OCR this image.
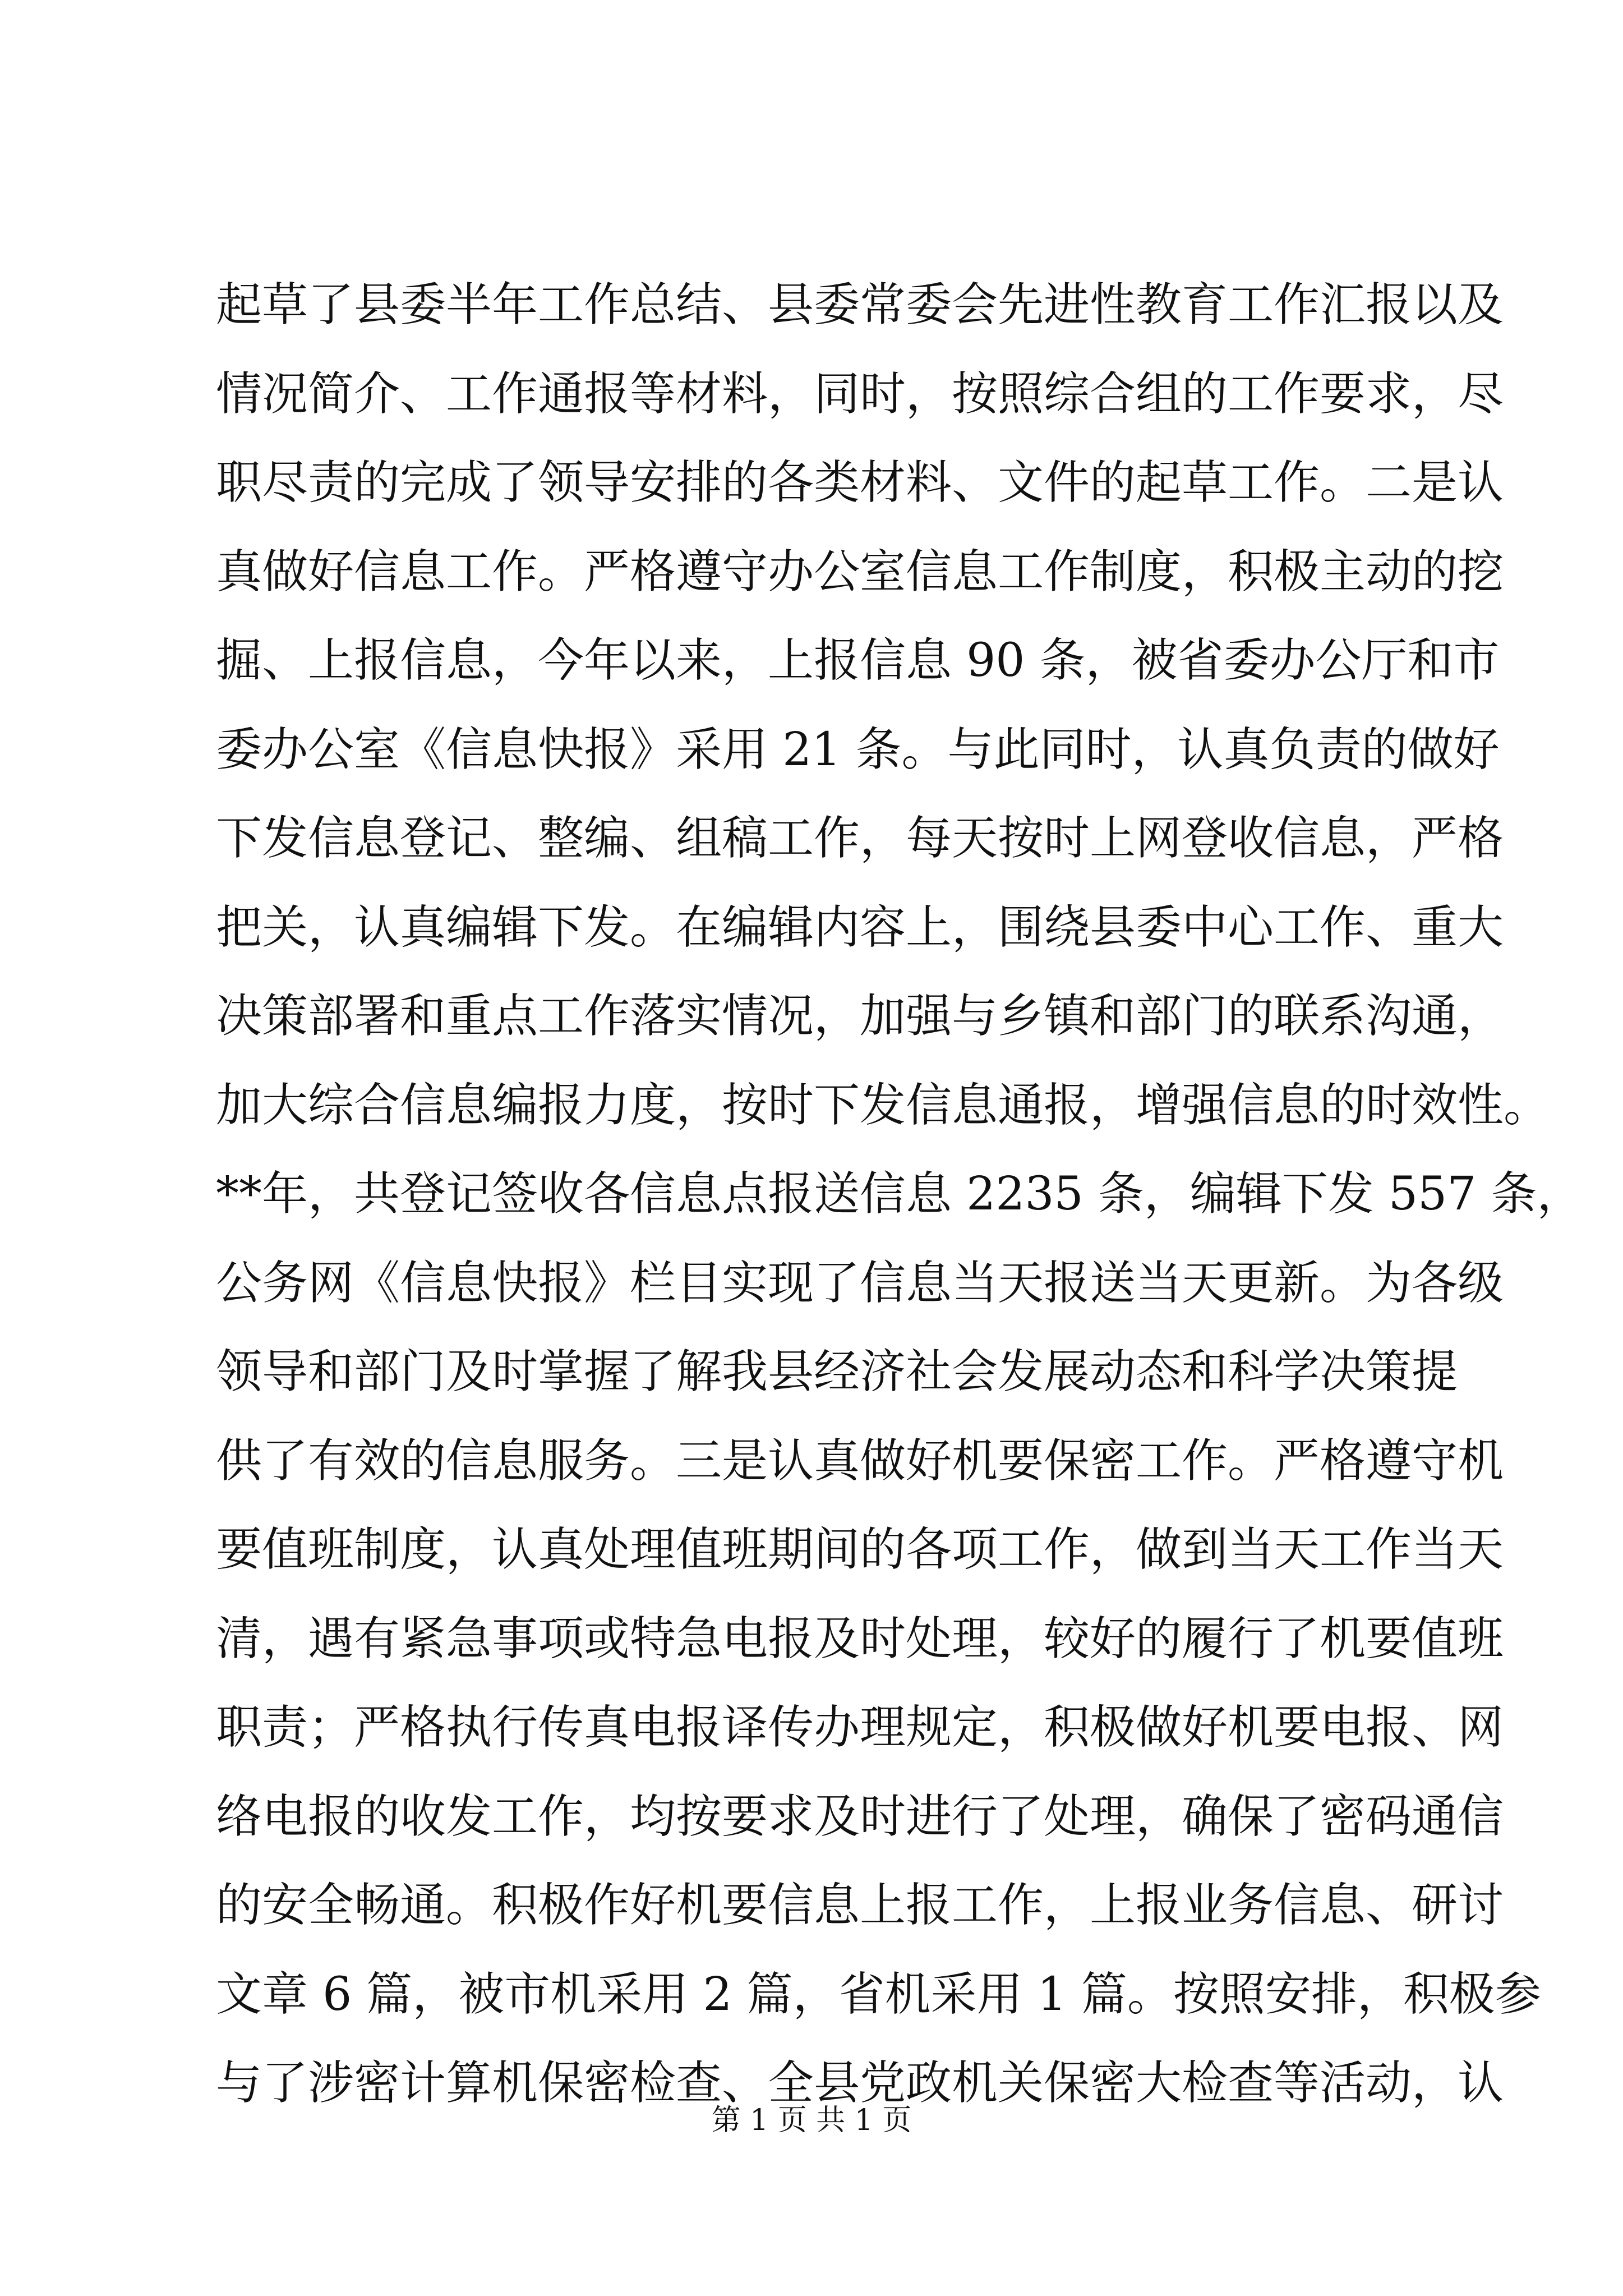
起草了县委半年工作总结、县委常委会先进性教育工作汇报以及
情况简介、工作通报等材料，同时，按照综合组的工作要求，尽
职尽责的完成了领导安排的各类材料、文件的起草工作。二是认
真做好信息工作。严格遵守办公室信息工作制度，积极主动的挖
掘、上报信息，今年以来，上报信息 90 条，被省委办公厅和市
委办公室《信息快报》采用 21 条。与此同时，认真负责的做好
下发信息登记、整编、组稿工作，每天按时上网登收信息，严格
把关，认真编辑下发。在编辑内容上，围绕县委中心工作、重大
决策部署和重点工作落实情况，加强与乡镇和部门的联系沟通，
加大综合信息编报力度，按时下发信息通报，增强信息的时效性。
**年，共登记签收各信息点报送信息 2235 条，编辑下发 557 条，
公务网《信息快报》栏目实现了信息当天报送当天更新。为各级
领导和部门及时掌握了解我县经济社会发展动态和科学决策提
供了有效的信息服务。三是认真做好机要保密工作。严格遵守机
要值班制度，认真处理值班期间的各项工作，做到当天工作当天
清，遇有紧急事项或特急电报及时处理，较好的履行了机要值班
职责；严格执行传真电报译传办理规定，积极做好机要电报、网
络电报的收发工作，均按要求及时进行了处理，确保了密码通信
的安全畅通。积极作好机要信息上报工作，上报业务信息、研讨
文章 6 篇，被市机采用 2 篇，省机采用 1 篇。按照安排，积极参
与了涉密计算机保密检查、全县党政机关保密大检查等活动，认
第 1 页 共 1 页
